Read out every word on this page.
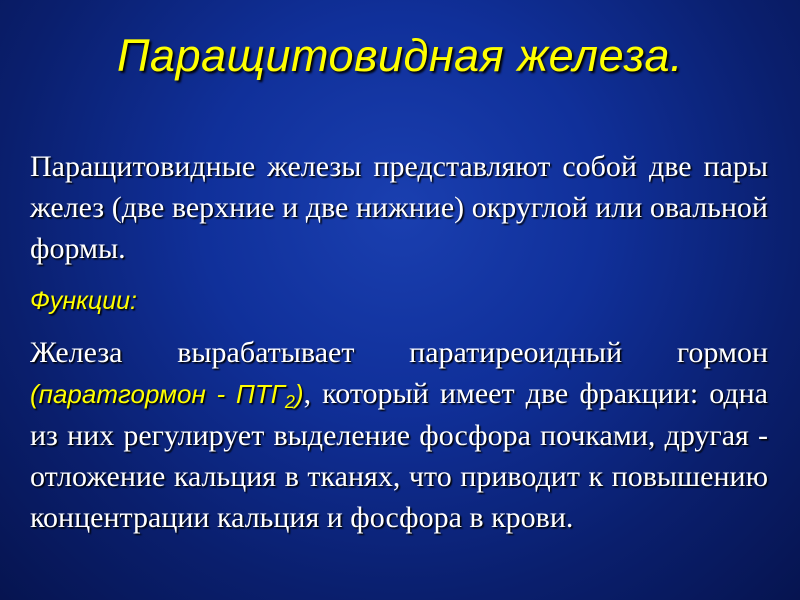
Паращитовидная железа.

Паращитовидные железы представляют собой две пары желез (две верхние и две нижние) округлой или овальной формы.

Функции:

Железа вырабатывает паратиреоидный гормон (паратгормон - $ПТГ_2$), который имеет две фракции: одна из них регулирует выделение фосфора почками, другая - отложение кальция в тканях, что приводит к повышению концентрации кальция и фосфора в крови.
